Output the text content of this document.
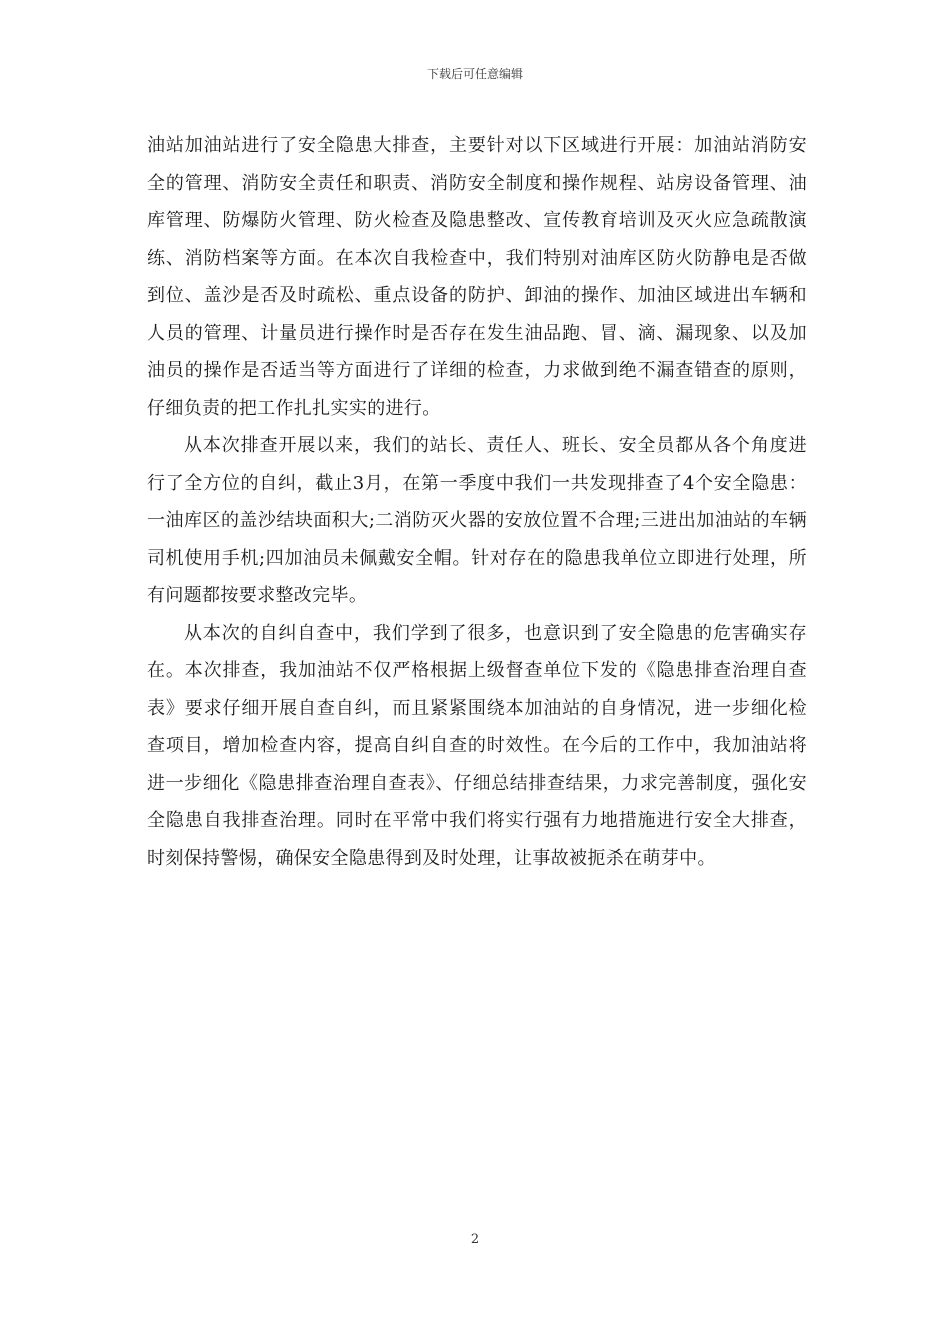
下载后可任意编辑

油站加油站进行了安全隐患大排查，主要针对以下区域进行开展：加油站消防安全的管理、消防安全责任和职责、消防安全制度和操作规程、站房设备管理、油库管理、防爆防火管理、防火检查及隐患整改、宣传教育培训及灭火应急疏散演练、消防档案等方面。在本次自我检查中，我们特别对油库区防火防静电是否做到位、盖沙是否及时疏松、重点设备的防护、卸油的操作、加油区域进出车辆和人员的管理、计量员进行操作时是否存在发生油品跑、冒、滴、漏现象、以及加油员的操作是否适当等方面进行了详细的检查，力求做到绝不漏查错查的原则，仔细负责的把工作扎扎实实的进行。

从本次排查开展以来，我们的站长、责任人、班长、安全员都从各个角度进行了全方位的自纠，截止3月，在第一季度中我们一共发现排查了4个安全隐患：一油库区的盖沙结块面积大;二消防灭火器的安放位置不合理;三进出加油站的车辆司机使用手机;四加油员未佩戴安全帽。针对存在的隐患我单位立即进行处理，所有问题都按要求整改完毕。

从本次的自纠自查中，我们学到了很多，也意识到了安全隐患的危害确实存在。本次排查，我加油站不仅严格根据上级督查单位下发的《隐患排查治理自查表》要求仔细开展自查自纠，而且紧紧围绕本加油站的自身情况，进一步细化检查项目，增加检查内容，提高自纠自查的时效性。在今后的工作中，我加油站将进一步细化《隐患排查治理自查表》、仔细总结排查结果，力求完善制度，强化安全隐患自我排查治理。同时在平常中我们将实行强有力地措施进行安全大排查，时刻保持警惕，确保安全隐患得到及时处理，让事故被扼杀在萌芽中。

2
